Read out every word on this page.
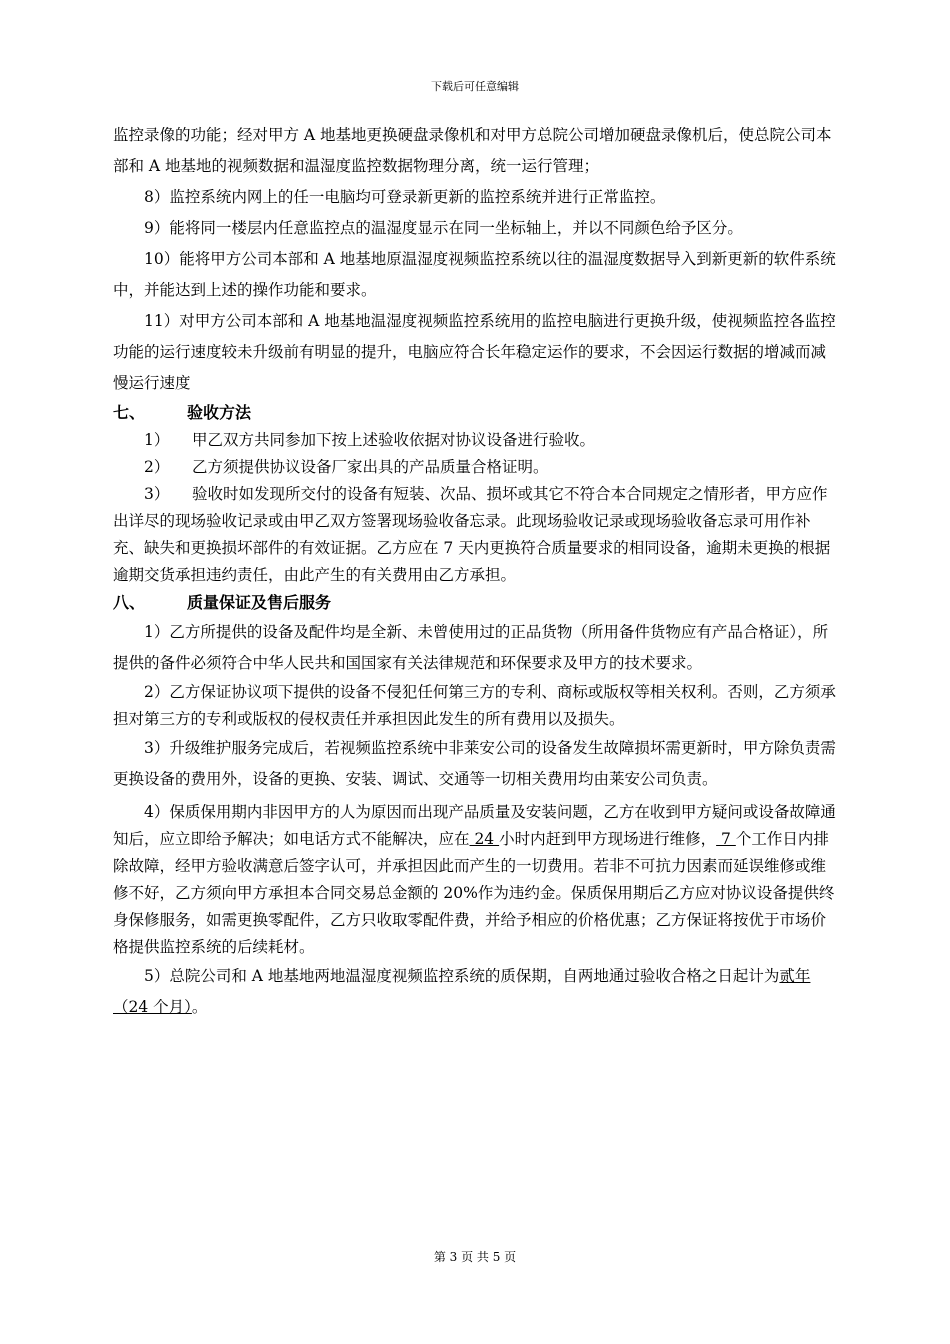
下载后可任意编辑

监控录像的功能；经对甲方 A 地基地更换硬盘录像机和对甲方总院公司增加硬盘录像机后，使总院公司本部和 A 地基地的视频数据和温湿度监控数据物理分离，统一运行管理；

8）监控系统内网上的任一电脑均可登录新更新的监控系统并进行正常监控。

9）能将同一楼层内任意监控点的温湿度显示在同一坐标轴上，并以不同颜色给予区分。

10）能将甲方公司本部和 A 地基地原温湿度视频监控系统以往的温湿度数据导入到新更新的软件系统中，并能达到上述的操作功能和要求。

11）对甲方公司本部和 A 地基地温湿度视频监控系统用的监控电脑进行更换升级，使视频监控各监控功能的运行速度较未升级前有明显的提升，电脑应符合长年稳定运作的要求，不会因运行数据的增减而减慢运行速度

七、	验收方法

1） 甲乙双方共同参加下按上述验收依据对协议设备进行验收。

2） 乙方须提供协议设备厂家出具的产品质量合格证明。

3） 验收时如发现所交付的设备有短装、次品、损坏或其它不符合本合同规定之情形者，甲方应作出详尽的现场验收记录或由甲乙双方签署现场验收备忘录。此现场验收记录或现场验收备忘录可用作补充、缺失和更换损坏部件的有效证据。乙方应在 7 天内更换符合质量要求的相同设备，逾期未更换的根据逾期交货承担违约责任，由此产生的有关费用由乙方承担。

八、	质量保证及售后服务

1）乙方所提供的设备及配件均是全新、未曾使用过的正品货物（所用备件货物应有产品合格证），所提供的备件必须符合中华人民共和国国家有关法律规范和环保要求及甲方的技术要求。

2）乙方保证协议项下提供的设备不侵犯任何第三方的专利、商标或版权等相关权利。否则，乙方须承担对第三方的专利或版权的侵权责任并承担因此发生的所有费用以及损失。

3）升级维护服务完成后，若视频监控系统中非莱安公司的设备发生故障损坏需更新时，甲方除负责需更换设备的费用外，设备的更换、安装、调试、交通等一切相关费用均由莱安公司负责。

4）保质保用期内非因甲方的人为原因而出现产品质量及安装问题，乙方在收到甲方疑问或设备故障通知后，应立即给予解决；如电话方式不能解决，应在 24 小时内赶到甲方现场进行维修， 7 个工作日内排除故障，经甲方验收满意后签字认可，并承担因此而产生的一切费用。若非不可抗力因素而延误维修或维修不好，乙方须向甲方承担本合同交易总金额的 20%作为违约金。保质保用期后乙方应对协议设备提供终身保修服务，如需更换零配件，乙方只收取零配件费，并给予相应的价格优惠；乙方保证将按优于市场价格提供监控系统的后续耗材。

5）总院公司和 A 地基地两地温湿度视频监控系统的质保期，自两地通过验收合格之日起计为贰年（24 个月）。

第 3 页 共 5 页
